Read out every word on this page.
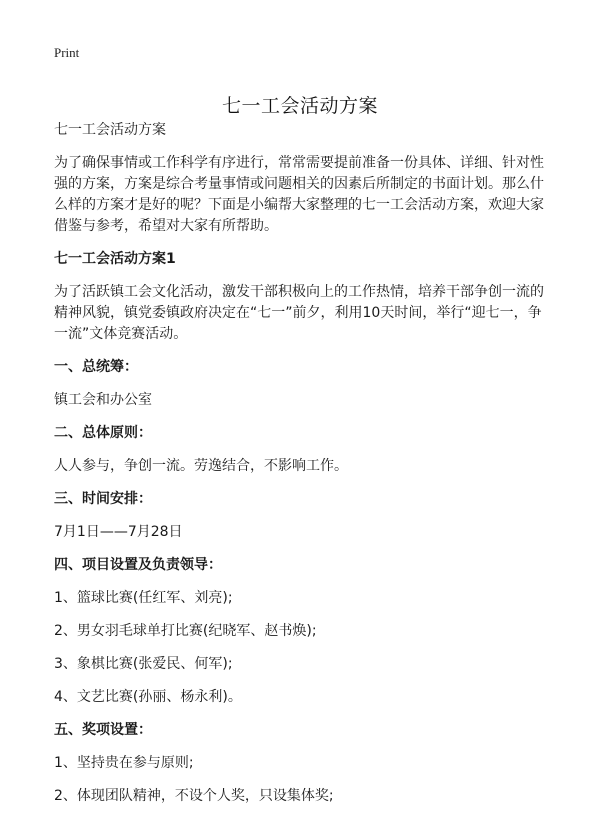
Print
七一工会活动方案
七一工会活动方案
为了确保事情或工作科学有序进行，常常需要提前准备一份具体、详细、针对性强的方案，方案是综合考量事情或问题相关的因素后所制定的书面计划。那么什么样的方案才是好的呢？下面是小编帮大家整理的七一工会活动方案，欢迎大家借鉴与参考，希望对大家有所帮助。
七一工会活动方案1
为了活跃镇工会文化活动，激发干部积极向上的工作热情，培养干部争创一流的精神风貌，镇党委镇政府决定在“七一”前夕，利用10天时间，举行“迎七一，争一流”文体竞赛活动。
一、总统筹：
镇工会和办公室
二、总体原则：
人人参与，争创一流。劳逸结合，不影响工作。
三、时间安排：
7月1日——7月28日
四、项目设置及负责领导：
1、篮球比赛(任红军、刘亮);
2、男女羽毛球单打比赛(纪晓军、赵书焕);
3、象棋比赛(张爱民、何军);
4、文艺比赛(孙丽、杨永利)。
五、奖项设置：
1、坚持贵在参与原则;
2、体现团队精神，不设个人奖，只设集体奖;
